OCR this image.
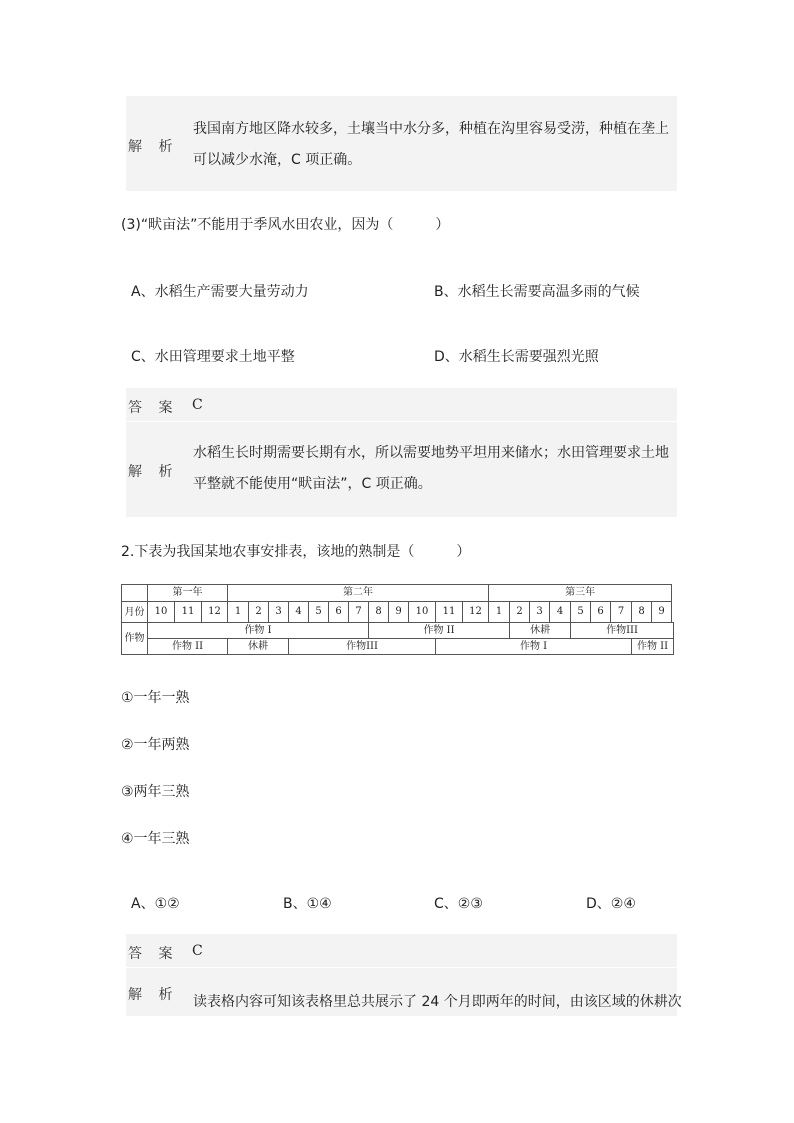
解 析
我国南方地区降水较多，土壤当中水分多，种植在沟里容易受涝，种植在垄上可以减少水淹，C 项正确。
(3)“畎亩法”不能用于季风水田农业，因为（　　　）
A、水稻生产需要大量劳动力	B、水稻生长需要高温多雨的气候
C、水田管理要求土地平整	D、水稻生长需要强烈光照
答 案 C
解 析
水稻生长时期需要长期有水，所以需要地势平坦用来储水；水田管理要求土地平整就不能使用“畎亩法”，C 项正确。
2.下表为我国某地农事安排表，该地的熟制是（　　　）
	第一年			第二年												第三年								
月份	10	11	12	1	2	3	4	5	6	7	8	9	10	11	12	1	2	3	4	5	6	7	8	9
作物	作物 I										作物 II						休耕			作物III				
	作物 II			休耕			作物III							作物 I									作物 II	
①一年一熟
②一年两熟
③两年三熟
④一年三熟
A、①②	B、①④	C、②③	D、②④
答 案 C
解 析 读表格内容可知该表格里总共展示了 24 个月即两年的时间，由该区域的休耕次
